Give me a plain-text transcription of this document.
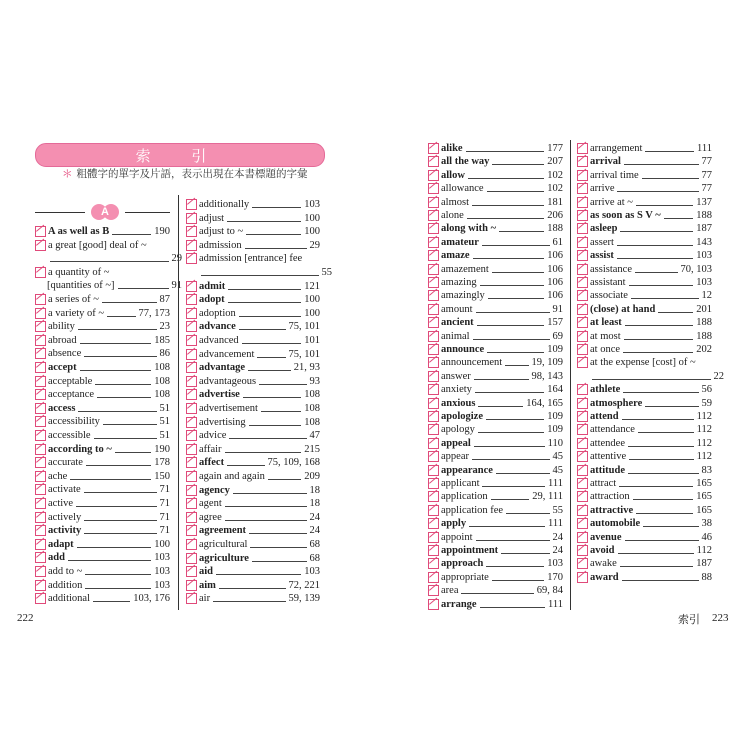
索 引
＊ 粗體字的單字及片語，表示出現在本書標題的字彙
A
A as well as B	190
a great [good] deal of ~
29
a quantity of ~
[quantities of ~]	91
a series of ~	87
a variety of ~	77, 173
ability	23
abroad	185
absence	86
accept	108
acceptable	108
acceptance	108
access	51
accessibility	51
accessible	51
according to ~	190
accurate	178
ache	150
activate	71
active	71
actively	71
activity	71
adapt	100
add	103
add to ~	103
addition	103
additional	103, 176
additionally	103
adjust	100
adjust to ~	100
admission	29
admission [entrance] fee
55
admit	121
adopt	100
adoption	100
advance	75, 101
advanced	101
advancement	75, 101
advantage	21, 93
advantageous	93
advertise	108
advertisement	108
advertising	108
advice	47
affair	215
affect	75, 109, 168
again and again	209
agency	18
agent	18
agree	24
agreement	24
agricultural	68
agriculture	68
aid	103
aim	72, 221
air	59, 139
222
alike	177
all the way	207
allow	102
allowance	102
almost	181
alone	206
along with ~	188
amateur	61
amaze	106
amazement	106
amazing	106
amazingly	106
amount	91
ancient	157
animal	69
announce	109
announcement	19, 109
answer	98, 143
anxiety	164
anxious	164, 165
apologize	109
apology	109
appeal	110
appear	45
appearance	45
applicant	111
application	29, 111
application fee	55
apply	111
appoint	24
appointment	24
approach	103
appropriate	170
area	69, 84
arrange	111
arrangement	111
arrival	77
arrival time	77
arrive	77
arrive at ~	137
as soon as S V ~	188
asleep	187
assert	143
assist	103
assistance	70, 103
assistant	103
associate	12
(close) at hand	201
at least	188
at most	188
at once	202
at the expense [cost] of ~
22
athlete	56
atmosphere	59
attend	112
attendance	112
attendee	112
attentive	112
attitude	83
attract	165
attraction	165
attractive	165
automobile	38
avenue	46
avoid	112
awake	187
award	88
索引 223
